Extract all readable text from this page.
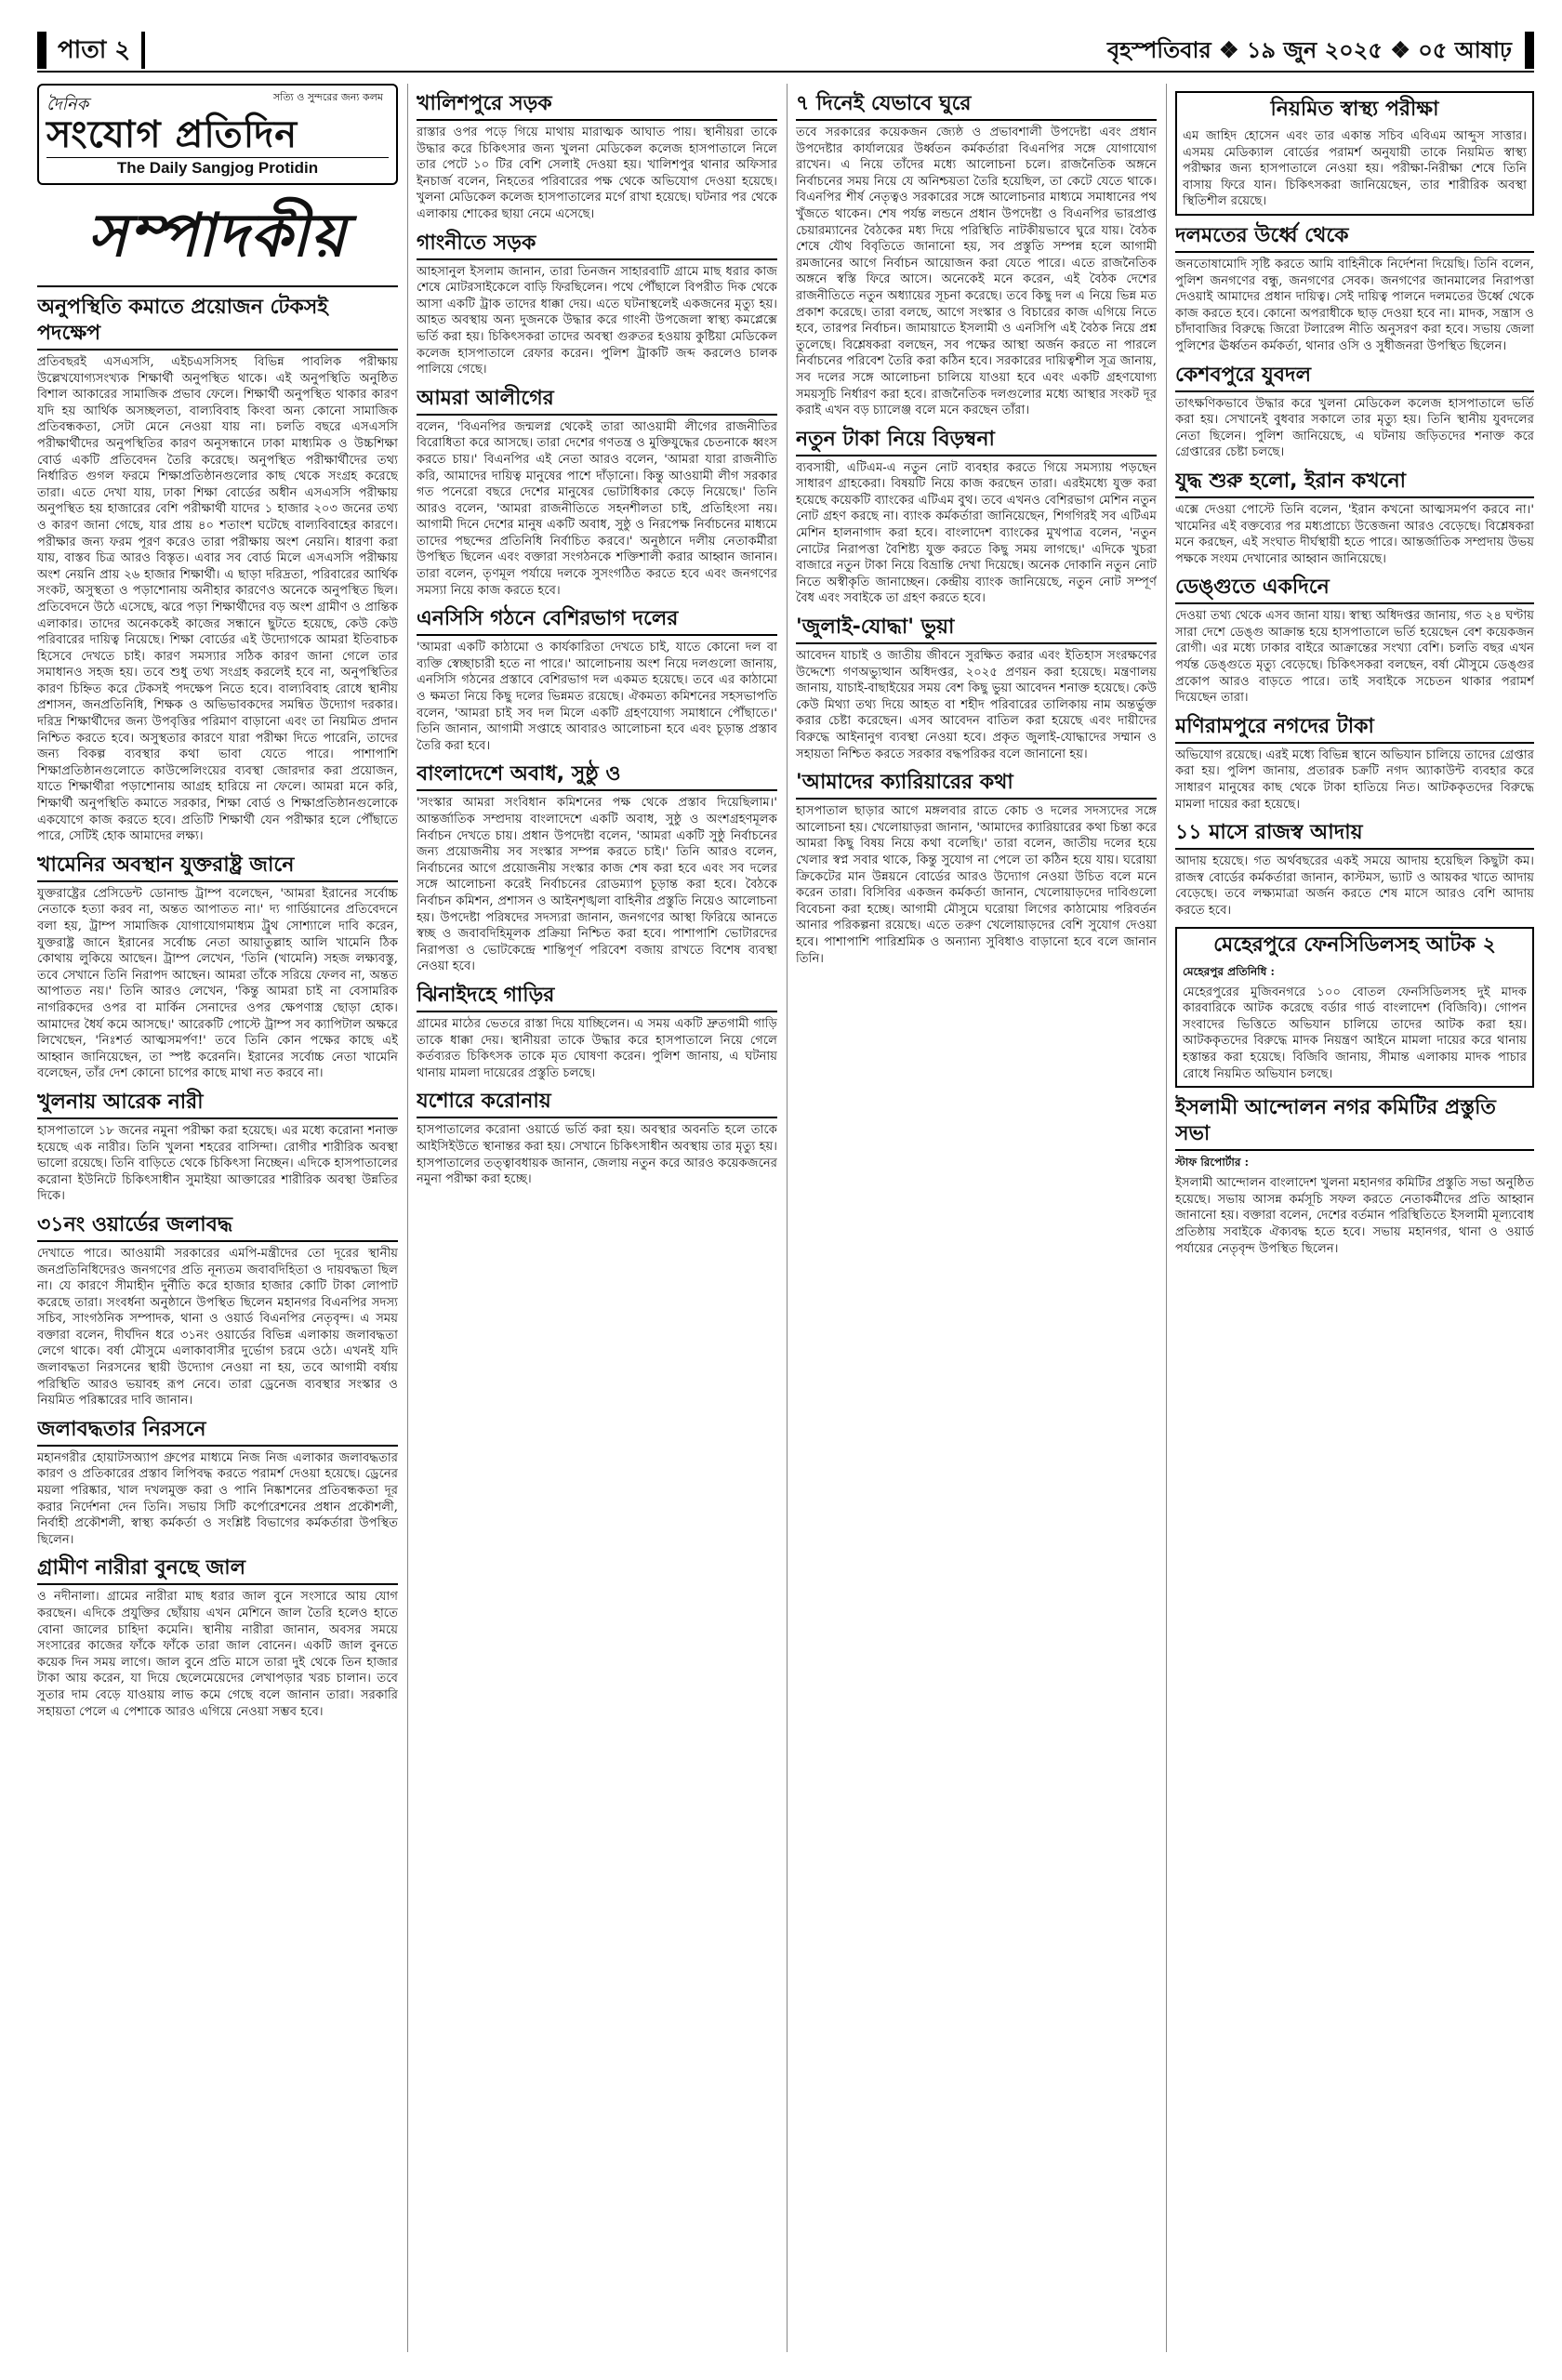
পাতা ২	বৃহস্পতিবার ❖ ১৯ জুন ২০২৫ ❖ ০৫ আষাঢ়
সত্যি ও সুন্দরের জন্য কলম
দৈনিক
সংযোগ প্রতিদিন
The Daily Sangjog Protidin
সম্পাদকীয়
অনুপস্থিতি কমাতে প্রয়োজন টেকসই পদক্ষেপ
প্রতিবছরই এসএসসি, এইচএসসিসহ বিভিন্ন পাবলিক পরীক্ষায় উল্লেখযোগ্যসংখ্যক শিক্ষার্থী অনুপস্থিত থাকে। এই অনুপস্থিতি অনুষ্ঠিত বিশাল আকারের সামাজিক প্রভাব ফেলে। শিক্ষার্থী অনুপস্থিত থাকার কারণ যদি হয় আর্থিক অসচ্ছলতা, বাল্যবিবাহ কিংবা অন্য কোনো সামাজিক প্রতিবন্ধকতা, সেটা মেনে নেওয়া যায় না। চলতি বছরে এসএসসি পরীক্ষার্থীদের অনুপস্থিতির কারণ অনুসন্ধানে ঢাকা মাধ্যমিক ও উচ্চশিক্ষা বোর্ড একটি প্রতিবেদন তৈরি করেছে। অনুপস্থিত পরীক্ষার্থীদের তথ্য নির্ধারিত গুগল ফরমে শিক্ষাপ্রতিষ্ঠানগুলোর কাছ থেকে সংগ্রহ করেছে তারা। এতে দেখা যায়, ঢাকা শিক্ষা বোর্ডের অধীন এসএসসি পরীক্ষায় অনুপস্থিত হয় হাজারের বেশি পরীক্ষার্থী যাদের ১ হাজার ২০৩ জনের তথ্য ও কারণ জানা গেছে, যার প্রায় ৪০ শতাংশ ঘটেছে বাল্যবিবাহের কারণে। পরীক্ষার জন্য ফরম পূরণ করেও তারা পরীক্ষায় অংশ নেয়নি। ধারণা করা যায়, বাস্তব চিত্র আরও বিস্তৃত। এবার সব বোর্ড মিলে এসএসসি পরীক্ষায় অংশ নেয়নি প্রায় ২৬ হাজার শিক্ষার্থী। এ ছাড়া দরিদ্রতা, পরিবারের আর্থিক সংকট, অসুস্থতা ও পড়াশোনায় অনীহার কারণেও অনেকে অনুপস্থিত ছিল। প্রতিবেদনে উঠে এসেছে, ঝরে পড়া শিক্ষার্থীদের বড় অংশ গ্রামীণ ও প্রান্তিক এলাকার। তাদের অনেককেই কাজের সন্ধানে ছুটতে হয়েছে, কেউ কেউ পরিবারের দায়িত্ব নিয়েছে। শিক্ষা বোর্ডের এই উদ্যোগকে আমরা ইতিবাচক হিসেবে দেখতে চাই। কারণ সমস্যার সঠিক কারণ জানা গেলে তার সমাধানও সহজ হয়। তবে শুধু তথ্য সংগ্রহ করলেই হবে না, অনুপস্থিতির কারণ চিহ্নিত করে টেকসই পদক্ষেপ নিতে হবে। বাল্যবিবাহ রোধে স্থানীয় প্রশাসন, জনপ্রতিনিধি, শিক্ষক ও অভিভাবকদের সমন্বিত উদ্যোগ দরকার। দরিদ্র শিক্ষার্থীদের জন্য উপবৃত্তির পরিমাণ বাড়ানো এবং তা নিয়মিত প্রদান নিশ্চিত করতে হবে। অসুস্থতার কারণে যারা পরীক্ষা দিতে পারেনি, তাদের জন্য বিকল্প ব্যবস্থার কথা ভাবা যেতে পারে। পাশাপাশি শিক্ষাপ্রতিষ্ঠানগুলোতে কাউন্সেলিংয়ের ব্যবস্থা জোরদার করা প্রয়োজন, যাতে শিক্ষার্থীরা পড়াশোনায় আগ্রহ হারিয়ে না ফেলে। আমরা মনে করি, শিক্ষার্থী অনুপস্থিতি কমাতে সরকার, শিক্ষা বোর্ড ও শিক্ষাপ্রতিষ্ঠানগুলোকে একযোগে কাজ করতে হবে। প্রতিটি শিক্ষার্থী যেন পরীক্ষার হলে পৌঁছাতে পারে, সেটিই হোক আমাদের লক্ষ্য।
খামেনির অবস্থান যুক্তরাষ্ট্র জানে
যুক্তরাষ্ট্রের প্রেসিডেন্ট ডোনাল্ড ট্রাম্প বলেছেন, 'আমরা ইরানের সর্বোচ্চ নেতাকে হত্যা করব না, অন্তত আপাতত না।' দ্য গার্ডিয়ানের প্রতিবেদনে বলা হয়, ট্রাম্প সামাজিক যোগাযোগমাধ্যম ট্রুথ সোশ্যালে দাবি করেন, যুক্তরাষ্ট্র জানে ইরানের সর্বোচ্চ নেতা আয়াতুল্লাহ আলি খামেনি ঠিক কোথায় লুকিয়ে আছেন। ট্রাম্প লেখেন, 'তিনি (খামেনি) সহজ লক্ষ্যবস্তু, তবে সেখানে তিনি নিরাপদ আছেন। আমরা তাঁকে সরিয়ে ফেলব না, অন্তত আপাতত নয়।' তিনি আরও লেখেন, 'কিন্তু আমরা চাই না বেসামরিক নাগরিকদের ওপর বা মার্কিন সেনাদের ওপর ক্ষেপণাস্ত্র ছোড়া হোক। আমাদের ধৈর্য কমে আসছে।' আরেকটি পোস্টে ট্রাম্প সব ক্যাপিটাল অক্ষরে লিখেছেন, 'নিঃশর্ত আত্মসমর্পণ!' তবে তিনি কোন পক্ষের কাছে এই আহ্বান জানিয়েছেন, তা স্পষ্ট করেননি। ইরানের সর্বোচ্চ নেতা খামেনি বলেছেন, তাঁর দেশ কোনো চাপের কাছে মাথা নত করবে না।
খুলনায় আরেক নারী
হাসপাতালে ১৮ জনের নমুনা পরীক্ষা করা হয়েছে। এর মধ্যে করোনা শনাক্ত হয়েছে এক নারীর। তিনি খুলনা শহরের বাসিন্দা। রোগীর শারীরিক অবস্থা ভালো রয়েছে। তিনি বাড়িতে থেকে চিকিৎসা নিচ্ছেন। এদিকে হাসপাতালের করোনা ইউনিটে চিকিৎসাধীন সুমাইয়া আক্তারের শারীরিক অবস্থা উন্নতির দিকে।
৩১নং ওয়ার্ডের জলাবদ্ধ
দেখাতে পারে। আওয়ামী সরকারের এমপি-মন্ত্রীদের তো দূরের স্থানীয় জনপ্রতিনিধিদেরও জনগণের প্রতি নূন্যতম জবাবদিহিতা ও দায়বদ্ধতা ছিল না। যে কারণে সীমাহীন দুর্নীতি করে হাজার হাজার কোটি টাকা লোপাট করেছে তারা। সংবর্ধনা অনুষ্ঠানে উপস্থিত ছিলেন মহানগর বিএনপির সদস্য সচিব, সাংগঠনিক সম্পাদক, থানা ও ওয়ার্ড বিএনপির নেতৃবৃন্দ। এ সময় বক্তারা বলেন, দীর্ঘদিন ধরে ৩১নং ওয়ার্ডের বিভিন্ন এলাকায় জলাবদ্ধতা লেগে থাকে। বর্ষা মৌসুমে এলাকাবাসীর দুর্ভোগ চরমে ওঠে। এখনই যদি জলাবদ্ধতা নিরসনের স্থায়ী উদ্যোগ নেওয়া না হয়, তবে আগামী বর্ষায় পরিস্থিতি আরও ভয়াবহ রূপ নেবে। তারা ড্রেনেজ ব্যবস্থার সংস্কার ও নিয়মিত পরিষ্কারের দাবি জানান।
জলাবদ্ধতার নিরসনে
মহানগরীর হোয়াটসঅ্যাপ গ্রুপের মাধ্যমে নিজ নিজ এলাকার জলাবদ্ধতার কারণ ও প্রতিকারের প্রস্তাব লিপিবদ্ধ করতে পরামর্শ দেওয়া হয়েছে। ড্রেনের ময়লা পরিষ্কার, খাল দখলমুক্ত করা ও পানি নিষ্কাশনের প্রতিবন্ধকতা দূর করার নির্দেশনা দেন তিনি। সভায় সিটি কর্পোরেশনের প্রধান প্রকৌশলী, নির্বাহী প্রকৌশলী, স্বাস্থ্য কর্মকর্তা ও সংশ্লিষ্ট বিভাগের কর্মকর্তারা উপস্থিত ছিলেন।
গ্রামীণ নারীরা বুনছে জাল
ও নদীনালা। গ্রামের নারীরা মাছ ধরার জাল বুনে সংসারে আয় যোগ করছেন। এদিকে প্রযুক্তির ছোঁয়ায় এখন মেশিনে জাল তৈরি হলেও হাতে বোনা জালের চাহিদা কমেনি। স্থানীয় নারীরা জানান, অবসর সময়ে সংসারের কাজের ফাঁকে ফাঁকে তারা জাল বোনেন। একটি জাল বুনতে কয়েক দিন সময় লাগে। জাল বুনে প্রতি মাসে তারা দুই থেকে তিন হাজার টাকা আয় করেন, যা দিয়ে ছেলেমেয়েদের লেখাপড়ার খরচ চালান। তবে সুতার দাম বেড়ে যাওয়ায় লাভ কমে গেছে বলে জানান তারা। সরকারি সহায়তা পেলে এ পেশাকে আরও এগিয়ে নেওয়া সম্ভব হবে।
খালিশপুরে সড়ক
রাস্তার ওপর পড়ে গিয়ে মাথায় মারাত্মক আঘাত পায়। স্থানীয়রা তাকে উদ্ধার করে চিকিৎসার জন্য খুলনা মেডিকেল কলেজ হাসপাতালে নিলে তার পেটে ১০ টির বেশি সেলাই দেওয়া হয়। খালিশপুর থানার অফিসার ইনচার্জ বলেন, নিহতের পরিবারের পক্ষ থেকে অভিযোগ দেওয়া হয়েছে। খুলনা মেডিকেল কলেজ হাসপাতালের মর্গে রাখা হয়েছে। ঘটনার পর থেকে এলাকায় শোকের ছায়া নেমে এসেছে।
গাংনীতে সড়ক
আহসানুল ইসলাম জানান, তারা তিনজন সাহারবাটি গ্রামে মাছ ধরার কাজ শেষে মোটরসাইকেলে বাড়ি ফিরছিলেন। পথে পৌঁছালে বিপরীত দিক থেকে আসা একটি ট্রাক তাদের ধাক্কা দেয়। এতে ঘটনাস্থলেই একজনের মৃত্যু হয়। আহত অবস্থায় অন্য দুজনকে উদ্ধার করে গাংনী উপজেলা স্বাস্থ্য কমপ্লেক্সে ভর্তি করা হয়। চিকিৎসকরা তাদের অবস্থা গুরুতর হওয়ায় কুষ্টিয়া মেডিকেল কলেজ হাসপাতালে রেফার করেন। পুলিশ ট্রাকটি জব্দ করলেও চালক পালিয়ে গেছে।
আমরা আলীগের
বলেন, 'বিএনপির জন্মলগ্ন থেকেই তারা আওয়ামী লীগের রাজনীতির বিরোধিতা করে আসছে। তারা দেশের গণতন্ত্র ও মুক্তিযুদ্ধের চেতনাকে ধ্বংস করতে চায়।' বিএনপির এই নেতা আরও বলেন, 'আমরা যারা রাজনীতি করি, আমাদের দায়িত্ব মানুষের পাশে দাঁড়ানো। কিন্তু আওয়ামী লীগ সরকার গত পনেরো বছরে দেশের মানুষের ভোটাধিকার কেড়ে নিয়েছে।' তিনি আরও বলেন, 'আমরা রাজনীতিতে সহনশীলতা চাই, প্রতিহিংসা নয়। আগামী দিনে দেশের মানুষ একটি অবাধ, সুষ্ঠু ও নিরপেক্ষ নির্বাচনের মাধ্যমে তাদের পছন্দের প্রতিনিধি নির্বাচিত করবে।' অনুষ্ঠানে দলীয় নেতাকর্মীরা উপস্থিত ছিলেন এবং বক্তারা সংগঠনকে শক্তিশালী করার আহ্বান জানান। তারা বলেন, তৃণমূল পর্যায়ে দলকে সুসংগঠিত করতে হবে এবং জনগণের সমস্যা নিয়ে কাজ করতে হবে।
এনসিসি গঠনে বেশিরভাগ দলের
'আমরা একটি কাঠামো ও কার্যকারিতা দেখতে চাই, যাতে কোনো দল বা ব্যক্তি স্বেচ্ছাচারী হতে না পারে।' আলোচনায় অংশ নিয়ে দলগুলো জানায়, এনসিসি গঠনের প্রস্তাবে বেশিরভাগ দল একমত হয়েছে। তবে এর কাঠামো ও ক্ষমতা নিয়ে কিছু দলের ভিন্নমত রয়েছে। ঐকমত্য কমিশনের সহসভাপতি বলেন, 'আমরা চাই সব দল মিলে একটি গ্রহণযোগ্য সমাধানে পৌঁছাতে।' তিনি জানান, আগামী সপ্তাহে আবারও আলোচনা হবে এবং চূড়ান্ত প্রস্তাব তৈরি করা হবে।
বাংলাদেশে অবাধ, সুষ্ঠু ও
'সংস্কার আমরা সংবিধান কমিশনের পক্ষ থেকে প্রস্তাব দিয়েছিলাম।' আন্তর্জাতিক সম্প্রদায় বাংলাদেশে একটি অবাধ, সুষ্ঠু ও অংশগ্রহণমূলক নির্বাচন দেখতে চায়। প্রধান উপদেষ্টা বলেন, 'আমরা একটি সুষ্ঠু নির্বাচনের জন্য প্রয়োজনীয় সব সংস্কার সম্পন্ন করতে চাই।' তিনি আরও বলেন, নির্বাচনের আগে প্রয়োজনীয় সংস্কার কাজ শেষ করা হবে এবং সব দলের সঙ্গে আলোচনা করেই নির্বাচনের রোডম্যাপ চূড়ান্ত করা হবে। বৈঠকে নির্বাচন কমিশন, প্রশাসন ও আইনশৃঙ্খলা বাহিনীর প্রস্তুতি নিয়েও আলোচনা হয়। উপদেষ্টা পরিষদের সদস্যরা জানান, জনগণের আস্থা ফিরিয়ে আনতে স্বচ্ছ ও জবাবদিহিমূলক প্রক্রিয়া নিশ্চিত করা হবে। পাশাপাশি ভোটারদের নিরাপত্তা ও ভোটকেন্দ্রে শান্তিপূর্ণ পরিবেশ বজায় রাখতে বিশেষ ব্যবস্থা নেওয়া হবে।
ঝিনাইদহে গাড়ির
গ্রামের মাঠের ভেতরে রাস্তা দিয়ে যাচ্ছিলেন। এ সময় একটি দ্রুতগামী গাড়ি তাকে ধাক্কা দেয়। স্থানীয়রা তাকে উদ্ধার করে হাসপাতালে নিয়ে গেলে কর্তব্যরত চিকিৎসক তাকে মৃত ঘোষণা করেন। পুলিশ জানায়, এ ঘটনায় থানায় মামলা দায়েরের প্রস্তুতি চলছে।
যশোরে করোনায়
হাসপাতালের করোনা ওয়ার্ডে ভর্তি করা হয়। অবস্থার অবনতি হলে তাকে আইসিইউতে স্থানান্তর করা হয়। সেখানে চিকিৎসাধীন অবস্থায় তার মৃত্যু হয়। হাসপাতালের তত্ত্বাবধায়ক জানান, জেলায় নতুন করে আরও কয়েকজনের নমুনা পরীক্ষা করা হচ্ছে।
৭ দিনেই যেভাবে ঘুরে
তবে সরকারের কয়েকজন জ্যেষ্ঠ ও প্রভাবশালী উপদেষ্টা এবং প্রধান উপদেষ্টার কার্যালয়ের উর্ধ্বতন কর্মকর্তারা বিএনপির সঙ্গে যোগাযোগ রাখেন। এ নিয়ে তাঁদের মধ্যে আলোচনা চলে। রাজনৈতিক অঙ্গনে নির্বাচনের সময় নিয়ে যে অনিশ্চয়তা তৈরি হয়েছিল, তা কেটে যেতে থাকে। বিএনপির শীর্ষ নেতৃত্বও সরকারের সঙ্গে আলোচনার মাধ্যমে সমাধানের পথ খুঁজতে থাকেন। শেষ পর্যন্ত লন্ডনে প্রধান উপদেষ্টা ও বিএনপির ভারপ্রাপ্ত চেয়ারম্যানের বৈঠকের মধ্য দিয়ে পরিস্থিতি নাটকীয়ভাবে ঘুরে যায়। বৈঠক শেষে যৌথ বিবৃতিতে জানানো হয়, সব প্রস্তুতি সম্পন্ন হলে আগামী রমজানের আগে নির্বাচন আয়োজন করা যেতে পারে। এতে রাজনৈতিক অঙ্গনে স্বস্তি ফিরে আসে। অনেকেই মনে করেন, এই বৈঠক দেশের রাজনীতিতে নতুন অধ্যায়ের সূচনা করেছে। তবে কিছু দল এ নিয়ে ভিন্ন মত প্রকাশ করেছে। তারা বলছে, আগে সংস্কার ও বিচারের কাজ এগিয়ে নিতে হবে, তারপর নির্বাচন। জামায়াতে ইসলামী ও এনসিপি এই বৈঠক নিয়ে প্রশ্ন তুলেছে। বিশ্লেষকরা বলছেন, সব পক্ষের আস্থা অর্জন করতে না পারলে নির্বাচনের পরিবেশ তৈরি করা কঠিন হবে। সরকারের দায়িত্বশীল সূত্র জানায়, সব দলের সঙ্গে আলোচনা চালিয়ে যাওয়া হবে এবং একটি গ্রহণযোগ্য সময়সূচি নির্ধারণ করা হবে। রাজনৈতিক দলগুলোর মধ্যে আস্থার সংকট দূর করাই এখন বড় চ্যালেঞ্জ বলে মনে করছেন তাঁরা।
নতুন টাকা নিয়ে বিড়ম্বনা
ব্যবসায়ী, এটিএম-এ নতুন নোট ব্যবহার করতে গিয়ে সমস্যায় পড়ছেন সাধারণ গ্রাহকেরা। বিষয়টি নিয়ে কাজ করছেন তারা। এরইমধ্যে যুক্ত করা হয়েছে কয়েকটি ব্যাংকের এটিএম বুথ। তবে এখনও বেশিরভাগ মেশিন নতুন নোট গ্রহণ করছে না। ব্যাংক কর্মকর্তারা জানিয়েছেন, শিগগিরই সব এটিএম মেশিন হালনাগাদ করা হবে। বাংলাদেশ ব্যাংকের মুখপাত্র বলেন, 'নতুন নোটের নিরাপত্তা বৈশিষ্ট্য যুক্ত করতে কিছু সময় লাগছে।' এদিকে খুচরা বাজারে নতুন টাকা নিয়ে বিভ্রান্তি দেখা দিয়েছে। অনেক দোকানি নতুন নোট নিতে অস্বীকৃতি জানাচ্ছেন। কেন্দ্রীয় ব্যাংক জানিয়েছে, নতুন নোট সম্পূর্ণ বৈধ এবং সবাইকে তা গ্রহণ করতে হবে।
'জুলাই-যোদ্ধা' ভুয়া
আবেদন যাচাই ও জাতীয় জীবনে সুরক্ষিত করার এবং ইতিহাস সংরক্ষণের উদ্দেশ্যে গণঅভ্যুত্থান অধিদপ্তর, ২০২৫ প্রণয়ন করা হয়েছে। মন্ত্রণালয় জানায়, যাচাই-বাছাইয়ের সময় বেশ কিছু ভুয়া আবেদন শনাক্ত হয়েছে। কেউ কেউ মিথ্যা তথ্য দিয়ে আহত বা শহীদ পরিবারের তালিকায় নাম অন্তর্ভুক্ত করার চেষ্টা করেছেন। এসব আবেদন বাতিল করা হয়েছে এবং দায়ীদের বিরুদ্ধে আইনানুগ ব্যবস্থা নেওয়া হবে। প্রকৃত জুলাই-যোদ্ধাদের সম্মান ও সহায়তা নিশ্চিত করতে সরকার বদ্ধপরিকর বলে জানানো হয়।
'আমাদের ক্যারিয়ারের কথা
হাসপাতাল ছাড়ার আগে মঙ্গলবার রাতে কোচ ও দলের সদস্যদের সঙ্গে আলোচনা হয়। খেলোয়াড়রা জানান, 'আমাদের ক্যারিয়ারের কথা চিন্তা করে আমরা কিছু বিষয় নিয়ে কথা বলেছি।' তারা বলেন, জাতীয় দলের হয়ে খেলার স্বপ্ন সবার থাকে, কিন্তু সুযোগ না পেলে তা কঠিন হয়ে যায়। ঘরোয়া ক্রিকেটের মান উন্নয়নে বোর্ডের আরও উদ্যোগ নেওয়া উচিত বলে মনে করেন তারা। বিসিবির একজন কর্মকর্তা জানান, খেলোয়াড়দের দাবিগুলো বিবেচনা করা হচ্ছে। আগামী মৌসুমে ঘরোয়া লিগের কাঠামোয় পরিবর্তন আনার পরিকল্পনা রয়েছে। এতে তরুণ খেলোয়াড়দের বেশি সুযোগ দেওয়া হবে। পাশাপাশি পারিশ্রমিক ও অন্যান্য সুবিধাও বাড়ানো হবে বলে জানান তিনি।
নিয়মিত স্বাস্থ্য পরীক্ষা
এম জাহিদ হোসেন এবং তার একান্ত সচিব এবিএম আব্দুস সাত্তার। এসময় মেডিক্যাল বোর্ডের পরামর্শ অনুযায়ী তাকে নিয়মিত স্বাস্থ্য পরীক্ষার জন্য হাসপাতালে নেওয়া হয়। পরীক্ষা-নিরীক্ষা শেষে তিনি বাসায় ফিরে যান। চিকিৎসকরা জানিয়েছেন, তার শারীরিক অবস্থা স্থিতিশীল রয়েছে।
দলমতের উর্ধ্বে থেকে
জনতোষামোদি সৃষ্টি করতে আমি বাহিনীকে নির্দেশনা দিয়েছি। তিনি বলেন, পুলিশ জনগণের বন্ধু, জনগণের সেবক। জনগণের জানমালের নিরাপত্তা দেওয়াই আমাদের প্রধান দায়িত্ব। সেই দায়িত্ব পালনে দলমতের উর্ধ্বে থেকে কাজ করতে হবে। কোনো অপরাধীকে ছাড় দেওয়া হবে না। মাদক, সন্ত্রাস ও চাঁদাবাজির বিরুদ্ধে জিরো টলারেন্স নীতি অনুসরণ করা হবে। সভায় জেলা পুলিশের ঊর্ধ্বতন কর্মকর্তা, থানার ওসি ও সুধীজনরা উপস্থিত ছিলেন।
কেশবপুরে যুবদল
তাৎক্ষণিকভাবে উদ্ধার করে খুলনা মেডিকেল কলেজ হাসপাতালে ভর্তি করা হয়। সেখানেই বুধবার সকালে তার মৃত্যু হয়। তিনি স্থানীয় যুবদলের নেতা ছিলেন। পুলিশ জানিয়েছে, এ ঘটনায় জড়িতদের শনাক্ত করে গ্রেপ্তারের চেষ্টা চলছে।
যুদ্ধ শুরু হলো, ইরান কখনো
এক্সে দেওয়া পোস্টে তিনি বলেন, 'ইরান কখনো আত্মসমর্পণ করবে না।' খামেনির এই বক্তব্যের পর মধ্যপ্রাচ্যে উত্তেজনা আরও বেড়েছে। বিশ্লেষকরা মনে করছেন, এই সংঘাত দীর্ঘস্থায়ী হতে পারে। আন্তর্জাতিক সম্প্রদায় উভয় পক্ষকে সংযম দেখানোর আহ্বান জানিয়েছে।
ডেঙ্গুতে একদিনে
দেওয়া তথ্য থেকে এসব জানা যায়। স্বাস্থ্য অধিদপ্তর জানায়, গত ২৪ ঘণ্টায় সারা দেশে ডেঙ্গু আক্রান্ত হয়ে হাসপাতালে ভর্তি হয়েছেন বেশ কয়েকজন রোগী। এর মধ্যে ঢাকার বাইরে আক্রান্তের সংখ্যা বেশি। চলতি বছর এখন পর্যন্ত ডেঙ্গুতে মৃত্যু বেড়েছে। চিকিৎসকরা বলছেন, বর্ষা মৌসুমে ডেঙ্গুর প্রকোপ আরও বাড়তে পারে। তাই সবাইকে সচেতন থাকার পরামর্শ দিয়েছেন তারা।
মণিরামপুরে নগদের টাকা
অভিযোগ রয়েছে। এরই মধ্যে বিভিন্ন স্থানে অভিযান চালিয়ে তাদের গ্রেপ্তার করা হয়। পুলিশ জানায়, প্রতারক চক্রটি নগদ অ্যাকাউন্ট ব্যবহার করে সাধারণ মানুষের কাছ থেকে টাকা হাতিয়ে নিত। আটককৃতদের বিরুদ্ধে মামলা দায়ের করা হয়েছে।
১১ মাসে রাজস্ব আদায়
আদায় হয়েছে। গত অর্থবছরের একই সময়ে আদায় হয়েছিল কিছুটা কম। রাজস্ব বোর্ডের কর্মকর্তারা জানান, কাস্টমস, ভ্যাট ও আয়কর খাতে আদায় বেড়েছে। তবে লক্ষ্যমাত্রা অর্জন করতে শেষ মাসে আরও বেশি আদায় করতে হবে।
মেহেরপুরে ফেনসিডিলসহ আটক ২
মেহেরপুর প্রতিনিধি :
মেহেরপুরের মুজিবনগরে ১০০ বোতল ফেনসিডিলসহ দুই মাদক কারবারিকে আটক করেছে বর্ডার গার্ড বাংলাদেশ (বিজিবি)। গোপন সংবাদের ভিত্তিতে অভিযান চালিয়ে তাদের আটক করা হয়। আটককৃতদের বিরুদ্ধে মাদক নিয়ন্ত্রণ আইনে মামলা দায়ের করে থানায় হস্তান্তর করা হয়েছে। বিজিবি জানায়, সীমান্ত এলাকায় মাদক পাচার রোধে নিয়মিত অভিযান চলছে।
ইসলামী আন্দোলন নগর কমিটির প্রস্তুতি সভা
স্টাফ রিপোর্টার :
ইসলামী আন্দোলন বাংলাদেশ খুলনা মহানগর কমিটির প্রস্তুতি সভা অনুষ্ঠিত হয়েছে। সভায় আসন্ন কর্মসূচি সফল করতে নেতাকর্মীদের প্রতি আহ্বান জানানো হয়। বক্তারা বলেন, দেশের বর্তমান পরিস্থিতিতে ইসলামী মূল্যবোধ প্রতিষ্ঠায় সবাইকে ঐক্যবদ্ধ হতে হবে। সভায় মহানগর, থানা ও ওয়ার্ড পর্যায়ের নেতৃবৃন্দ উপস্থিত ছিলেন।
